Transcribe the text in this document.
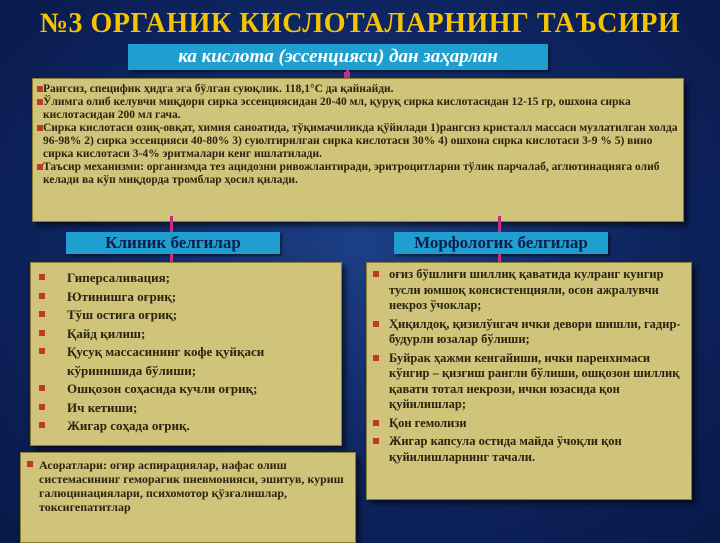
№3 ОРГАНИК КИСЛОТАЛАРНИНГ ТАЪСИРИ
ка кислота (эссенцияси) дан заҳарлан
Рангсиз, специфик ҳидга эга бўлган суюқлик. 118,1°С да қайнайди.
Ўлимга олиб келувчи миқдори сирка эссенциясидан 20-40 мл, қуруқ сирка кислотасидан 12-15 гр, ошхона сирка кислотасидан 200 мл гача.
Сирка кислотаси озиқ-овқат, химия саноатида, тўқимачиликда қўйилади 1)рангсиз кристалл массаси музлатилган холда 96-98% 2) сирка эссенцияси 40-80% 3) суюлтирилган сирка кислотаси 30% 4) ошхона сирка кислотаси 3-9 % 5) вино сирка кислотаси 3-4% эритмалари кенг ишлатилади.
Таъсир механизми: организмда тез ацидозни ривожлантиради, эритроцитларни тўлик парчалаб, аглютинацияга олиб келади ва кўп миқдорда тромблар ҳосил қилади.
Клиник белгилар	Морфологик белгилар
Гиперсаливация;
Ютинишга оғриқ;
Тўш остига оғриқ;
Қайд қилиш;
Қусуқ массасининг кофе қуйқаси кўринишида бўлиши;
Ошқозон соҳасида кучли оғриқ;
Ич кетиши;
Жигар соҳада оғриқ.
оғиз бўшлиғи шиллиқ қаватида кулранг кунгир тусли юмшоқ консистенцияли, осон ажралувчи некроз ўчоклар;
Ҳиқилдоқ, қизилўнгач ички девори шишли, гадир-будурли юзалар бўлиши;
Буйрак ҳажми кенгайиши, ички паренхимаси кўнгир – қизғиш рангли бўлиши, ошқозон шиллиқ қавати тотал некрози, ички юзасида қон қуйилишлар;
Қон гемолизи
Жигар капсула остида майда ўчоқли қон қуйилишларнинг тачали.
Асоратлари: огир аспирациялар, нафас олиш системасининг геморагик пневмонияси, эшитув, куриш галюцинациялари, психомотор қўзғалишлар, токсигепатитлар
